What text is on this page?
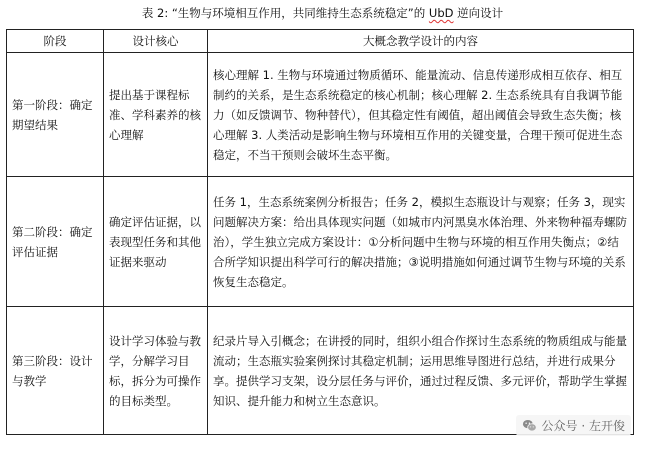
表 2: “生物与环境相互作用，共同维持生态系统稳定”的 UbD 逆向设计
阶段	设计核心	大概念教学设计的内容
第一阶段：确定期望结果	提出基于课程标准、学科素养的核心理解	核心理解 1. 生物与环境通过物质循环、能量流动、信息传递形成相互依存、相互制约的关系，是生态系统稳定的核心机制；核心理解 2. 生态系统具有自我调节能力（如反馈调节、物种替代），但其稳定性有阈值，超出阈值会导致生态失衡；核心理解 3. 人类活动是影响生物与环境相互作用的关键变量，合理干预可促进生态稳定，不当干预则会破坏生态平衡。
第二阶段：确定评估证据	确定评估证据，以表现型任务和其他证据来驱动	任务 1，生态系统案例分析报告；任务 2，模拟生态瓶设计与观察；任务 3，现实问题解决方案：给出具体现实问题（如城市内河黑臭水体治理、外来物种福寿螺防治），学生独立完成方案设计：①分析问题中生物与环境的相互作用失衡点；②结合所学知识提出科学可行的解决措施；③说明措施如何通过调节生物与环境的关系恢复生态稳定。
第三阶段：设计与教学	设计学习体验与教学，分解学习目标，拆分为可操作的目标类型。	纪录片导入引概念；在讲授的同时，组织小组合作探讨生态系统的物质组成与能量流动；生态瓶实验案例探讨其稳定机制；运用思维导图进行总结，并进行成果分享。提供学习支架，设分层任务与评价，通过过程反馈、多元评价，帮助学生掌握知识、提升能力和树立生态意识。
公众号 · 左开俊
